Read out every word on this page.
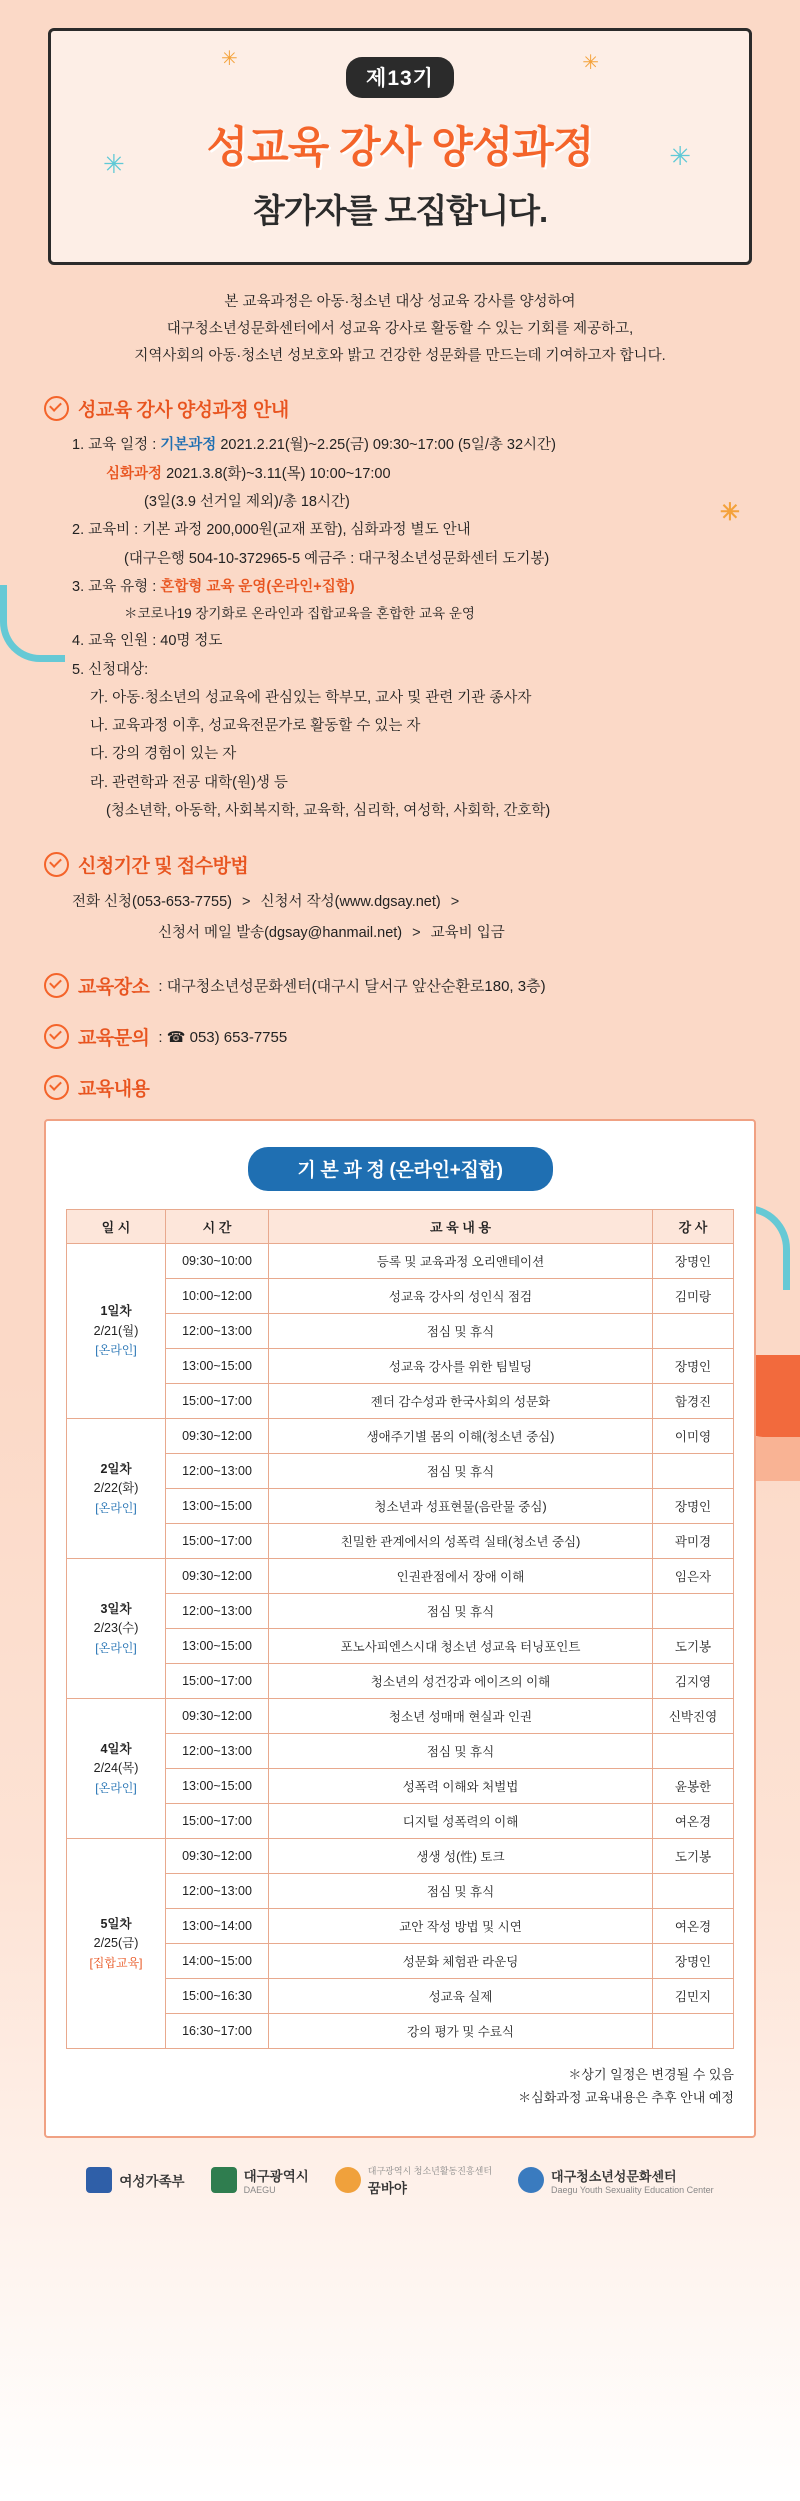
✳
✳	✳
✳	✳
제13기
성교육 강사 양성과정
참가자를 모집합니다.
본 교육과정은 아동·청소년 대상 성교육 강사를 양성하여
대구청소년성문화센터에서 성교육 강사로 활동할 수 있는 기회를 제공하고,
지역사회의 아동·청소년 성보호와 밝고 건강한 성문화를 만드는데 기여하고자 합니다.
성교육 강사 양성과정 안내
1. 교육 일정 : 기본과정 2021.2.21(월)~2.25(금) 09:30~17:00 (5일/총 32시간)
심화과정 2021.3.8(화)~3.11(목) 10:00~17:00
(3일(3.9 선거일 제외)/총 18시간)
2. 교육비 : 기본 과정 200,000원(교재 포함), 심화과정 별도 안내
(대구은행 504-10-372965-5 예금주 : 대구청소년성문화센터 도기봉)
3. 교육 유형 : 혼합형 교육 운영(온라인+집합)
＊코로나19 장기화로 온라인과 집합교육을 혼합한 교육 운영
4. 교육 인원 : 40명 정도
5. 신청대상:
가. 아동·청소년의 성교육에 관심있는 학부모, 교사 및 관련 기관 종사자
나. 교육과정 이후, 성교육전문가로 활동할 수 있는 자
다. 강의 경험이 있는 자
라. 관련학과 전공 대학(원)생 등
(청소년학, 아동학, 사회복지학, 교육학, 심리학, 여성학, 사회학, 간호학)
신청기간 및 접수방법
전화 신청(053-653-7755) > 신청서 작성(www.dgsay.net) >
신청서 메일 발송(dgsay@hanmail.net) > 교육비 입금
교육장소 : 대구청소년성문화센터(대구시 달서구 앞산순환로180, 3층)
교육문의 : ☎ 053) 653-7755
교육내용
기 본 과 정 (온라인+집합)
일 시	시 간	교 육 내 용	강 사

1일차
2/21(월)
[온라인]	09:30~10:00	등록 및 교육과정 오리앤테이션	장명인
	10:00~12:00	성교육 강사의 성인식 점검	김미랑
	12:00~13:00	점심 및 휴식	
	13:00~15:00	성교육 강사를 위한 팀빌딩	장명인
	15:00~17:00	젠더 감수성과 한국사회의 성문화	함경진

2일차
2/22(화)
[온라인]	09:30~12:00	생애주기별 몸의 이해(청소년 중심)	이미영
	12:00~13:00	점심 및 휴식	
	13:00~15:00	청소년과 성표현물(음란물 중심)	장명인
	15:00~17:00	친밀한 관계에서의 성폭력 실태(청소년 중심)	곽미경

3일차
2/23(수)
[온라인]	09:30~12:00	인권관점에서 장애 이해	임은자
	12:00~13:00	점심 및 휴식	
	13:00~15:00	포노사피엔스시대 청소년 성교육 터닝포인트	도기봉
	15:00~17:00	청소년의 성건강과 에이즈의 이해	김지영

4일차
2/24(목)
[온라인]	09:30~12:00	청소년 성매매 현실과 인권	신박진영
	12:00~13:00	점심 및 휴식	
	13:00~15:00	성폭력 이해와 처벌법	윤봉한
	15:00~17:00	디지털 성폭력의 이해	여온경

5일차
2/25(금)
[집합교육]	09:30~12:00	생생 성(性) 토크	도기봉
	12:00~13:00	점심 및 휴식	
	13:00~14:00	교안 작성 방법 및 시연	여온경
	14:00~15:00	성문화 체험관 라운딩	장명인
	15:00~16:30	성교육 실제	김민지
	16:30~17:00	강의 평가 및 수료식	
＊상기 일정은 변경될 수 있음
＊심화과정 교육내용은 추후 안내 예정
여성가족부	대구광역시
DAEGU
대구광역시 청소년활동진흥센터
꿈바야
대구청소년성문화센터
Daegu Youth Sexuality Education Center
